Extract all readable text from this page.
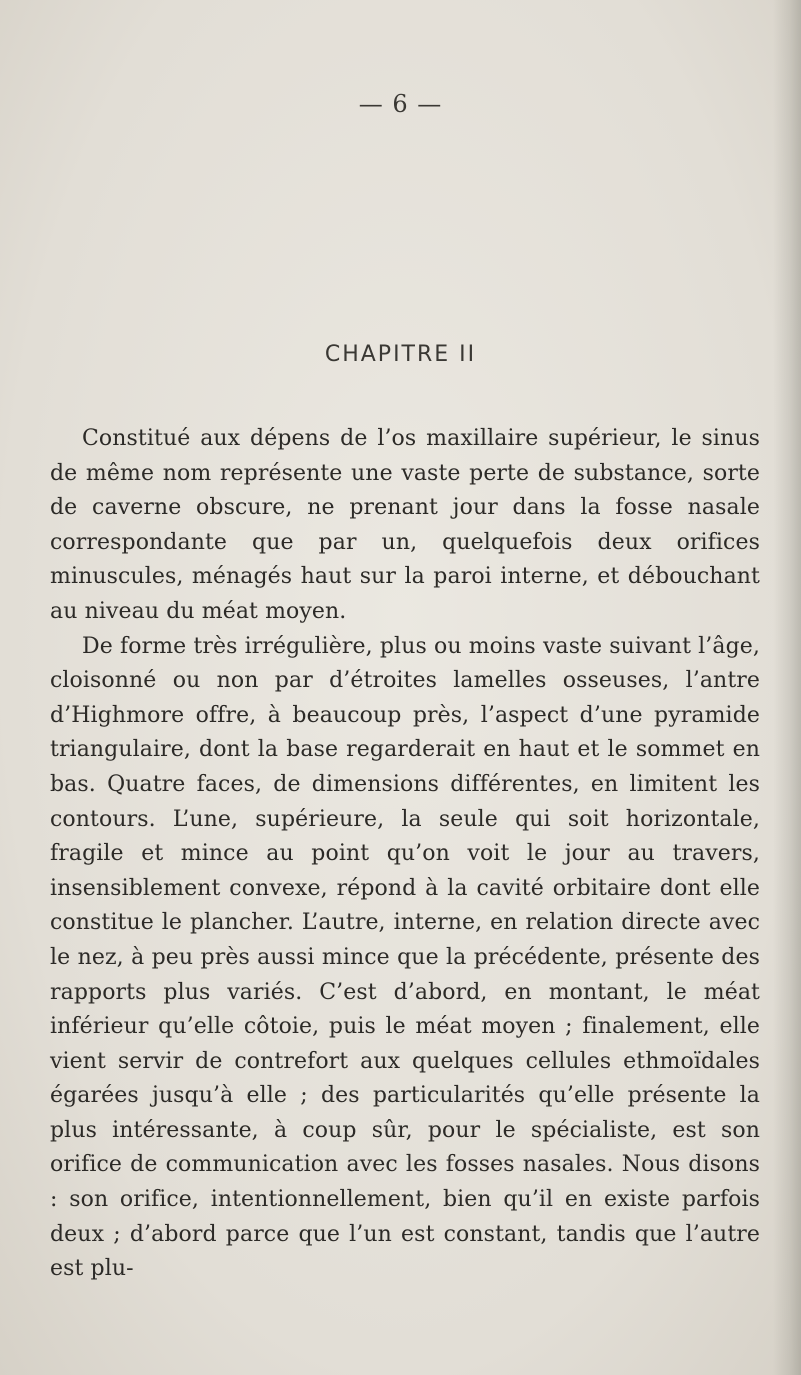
— 6 —
CHAPITRE II

Constitué aux dépens de l’os maxillaire supérieur, le sinus de même nom représente une vaste perte de substance, sorte de caverne obscure, ne prenant jour dans la fosse nasale correspondante que par un, quelquefois deux orifices minuscules, ménagés haut sur la paroi interne, et débouchant au niveau du méat moyen.

De forme très irrégulière, plus ou moins vaste suivant l’âge, cloisonné ou non par d’étroites lamelles osseuses, l’antre d’Highmore offre, à beaucoup près, l’aspect d’une pyramide triangulaire, dont la base regarderait en haut et le sommet en bas. Quatre faces, de dimensions différentes, en limitent les contours. L’une, supérieure, la seule qui soit horizontale, fragile et mince au point qu’on voit le jour au travers, insensiblement convexe, répond à la cavité orbitaire dont elle constitue le plancher. L’autre, interne, en relation directe avec le nez, à peu près aussi mince que la précédente, présente des rapports plus variés. C’est d’abord, en montant, le méat inférieur qu’elle côtoie, puis le méat moyen ; finalement, elle vient servir de contrefort aux quelques cellules ethmoïdales égarées jusqu’à elle ; des particularités qu’elle présente la plus intéressante, à coup sûr, pour le spécialiste, est son orifice de communication avec les fosses nasales. Nous disons : son orifice, intentionnellement, bien qu’il en existe parfois deux ; d’abord parce que l’un est constant, tandis que l’autre est plu-
